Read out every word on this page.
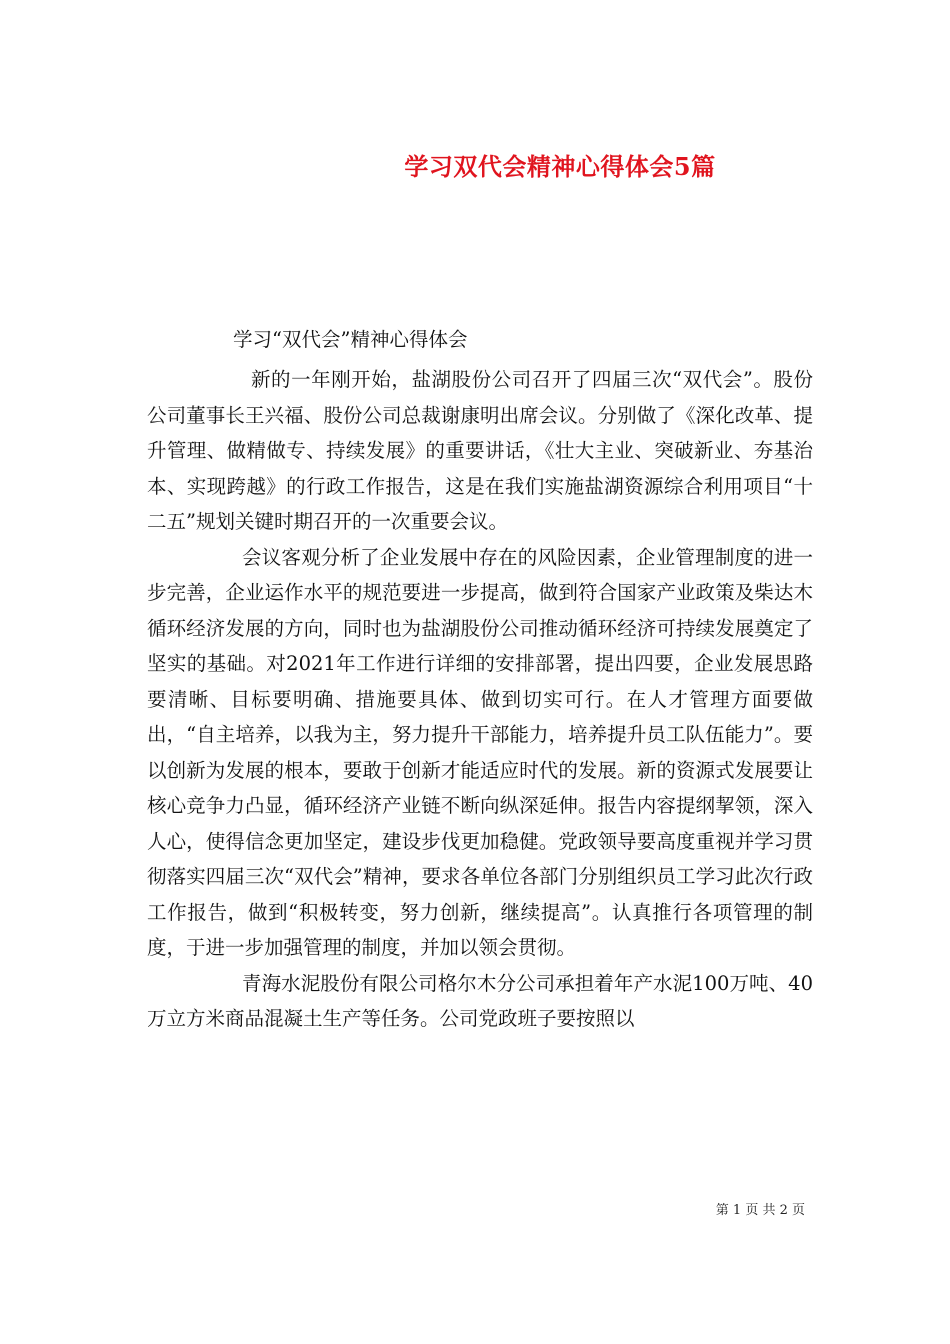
学习双代会精神心得体会5篇
学习“双代会”精神心得体会

新的一年刚开始，盐湖股份公司召开了四届三次“双代会”。股份公司董事长王兴福、股份公司总裁谢康明出席会议。分别做了《深化改革、提升管理、做精做专、持续发展》的重要讲话，《壮大主业、突破新业、夯基治本、实现跨越》的行政工作报告，这是在我们实施盐湖资源综合利用项目“十二五”规划关键时期召开的一次重要会议。

会议客观分析了企业发展中存在的风险因素，企业管理制度的进一步完善，企业运作水平的规范要进一步提高，做到符合国家产业政策及柴达木循环经济发展的方向，同时也为盐湖股份公司推动循环经济可持续发展奠定了坚实的基础。对2021年工作进行详细的安排部署，提出四要，企业发展思路要清晰、目标要明确、措施要具体、做到切实可行。在人才管理方面要做出，“自主培养，以我为主，努力提升干部能力，培养提升员工队伍能力”。要以创新为发展的根本，要敢于创新才能适应时代的发展。新的资源式发展要让核心竞争力凸显，循环经济产业链不断向纵深延伸。报告内容提纲挈领，深入人心，使得信念更加坚定，建设步伐更加稳健。党政领导要高度重视并学习贯彻落实四届三次“双代会”精神，要求各单位各部门分别组织员工学习此次行政工作报告，做到“积极转变，努力创新，继续提高”。认真推行各项管理的制度，于进一步加强管理的制度，并加以领会贯彻。

青海水泥股份有限公司格尔木分公司承担着年产水泥100万吨、40万立方米商品混凝土生产等任务。公司党政班子要按照以

第 1 页 共 2 页
